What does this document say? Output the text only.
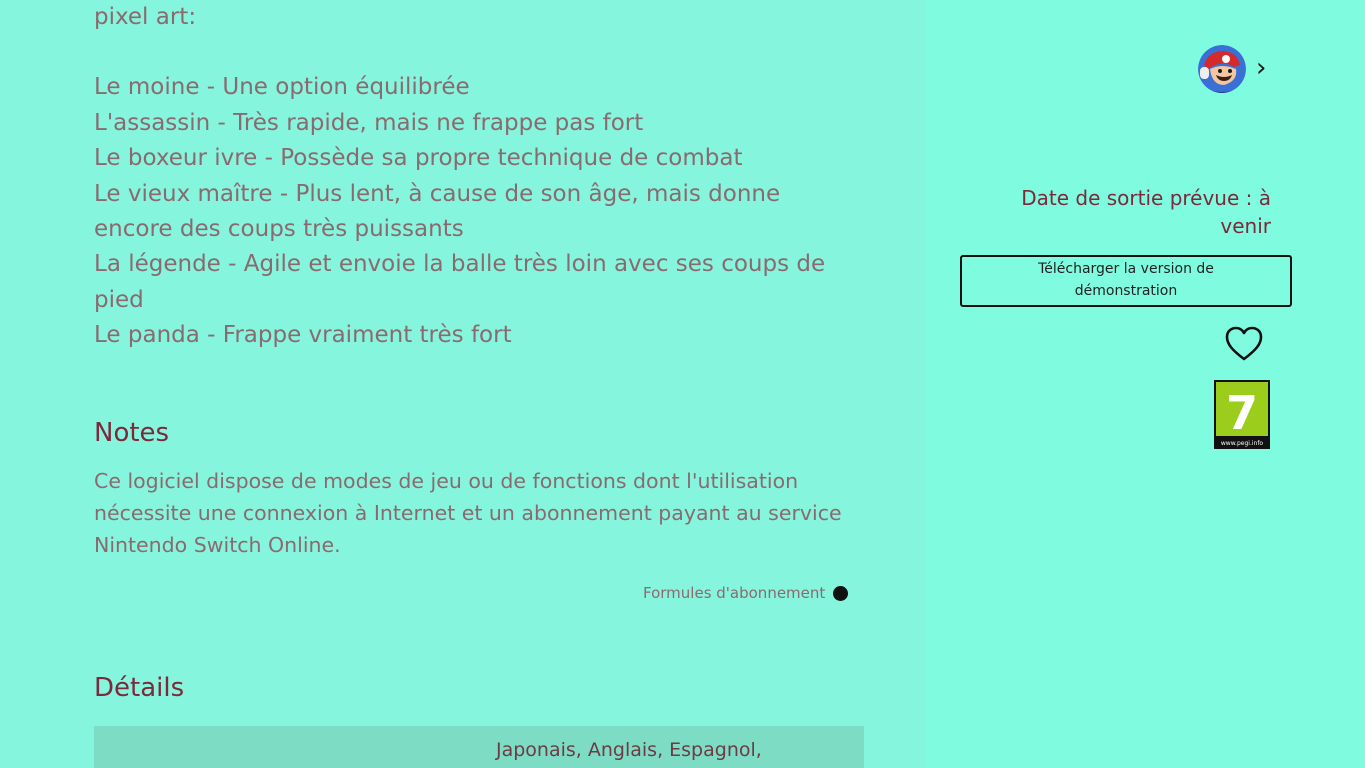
pixel art:
Le moine - Une option équilibrée
L'assassin - Très rapide, mais ne frappe pas fort
Le boxeur ivre - Possède sa propre technique de combat
Le vieux maître - Plus lent, à cause de son âge, mais donne
encore des coups très puissants
La légende - Agile et envoie la balle très loin avec ses coups de
pied
Le panda - Frappe vraiment très fort
Notes
Ce logiciel dispose de modes de jeu ou de fonctions dont l'utilisation
nécessite une connexion à Internet et un abonnement payant au service
Nintendo Switch Online.
Formules d'abonnement
Détails
Japonais, Anglais, Espagnol,
›
Date de sortie prévue : à
venir
Télécharger la version de
démonstration
7
www.pegi.info
